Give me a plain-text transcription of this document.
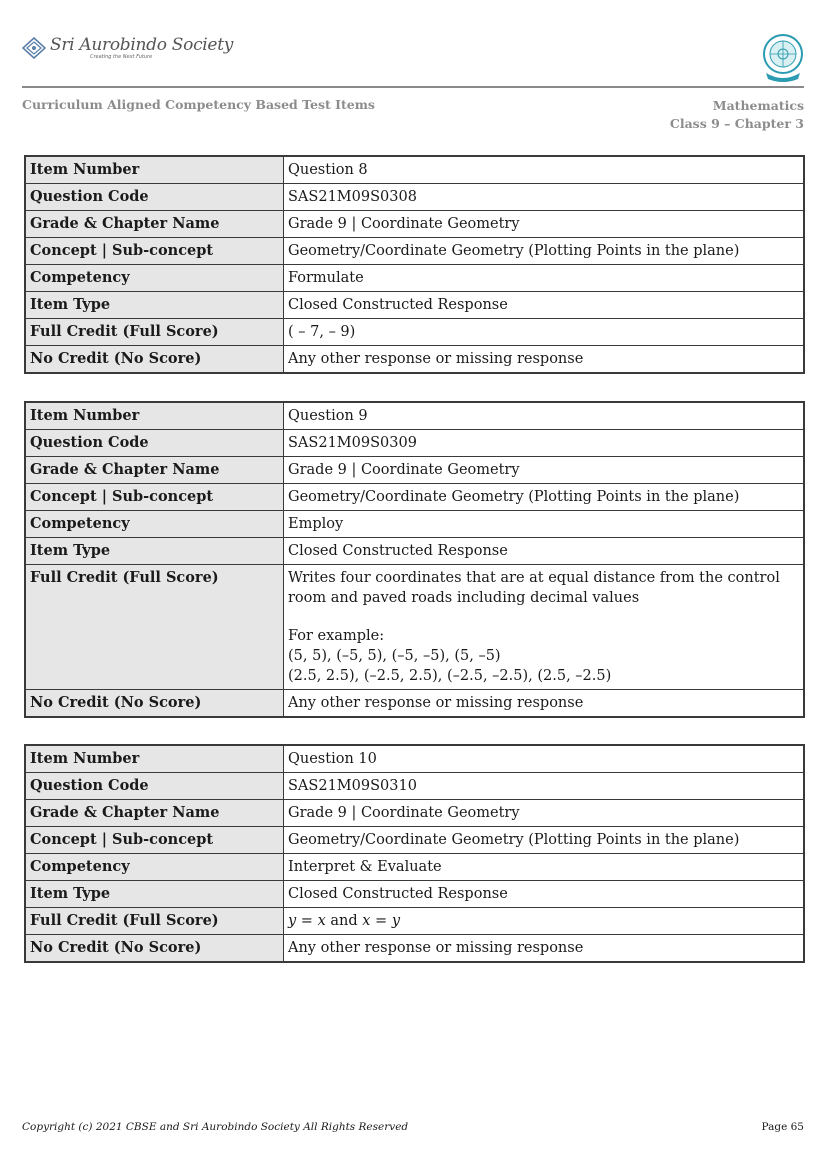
Sri Aurobindo Society
Creating the Next Future
Curriculum Aligned Competency Based Test Items	Mathematics
Class 9 – Chapter 3
Item Number	Question 8
Question Code	SAS21M09S0308
Grade & Chapter Name	Grade 9 | Coordinate Geometry
Concept | Sub-concept	Geometry/Coordinate Geometry (Plotting Points in the plane)
Competency	Formulate
Item Type	Closed Constructed Response
Full Credit (Full Score)	( – 7, – 9)
No Credit (No Score)	Any other response or missing response
Item Number	Question 9
Question Code	SAS21M09S0309
Grade & Chapter Name	Grade 9 | Coordinate Geometry
Concept | Sub-concept	Geometry/Coordinate Geometry (Plotting Points in the plane)
Competency	Employ
Item Type	Closed Constructed Response
Full Credit (Full Score)	Writes four coordinates that are at equal distance from the control room and paved roads including decimal values
For example:
(5, 5), (–5, 5), (–5, –5), (5, –5)
(2.5, 2.5), (–2.5, 2.5), (–2.5, –2.5), (2.5, –2.5)

No Credit (No Score)	Any other response or missing response
Item Number	Question 10
Question Code	SAS21M09S0310
Grade & Chapter Name	Grade 9 | Coordinate Geometry
Concept | Sub-concept	Geometry/Coordinate Geometry (Plotting Points in the plane)
Competency	Interpret & Evaluate
Item Type	Closed Constructed Response
Full Credit (Full Score)	y = x and x = y
No Credit (No Score)	Any other response or missing response
Copyright (c) 2021 CBSE and Sri Aurobindo Society All Rights Reserved	Page 65
